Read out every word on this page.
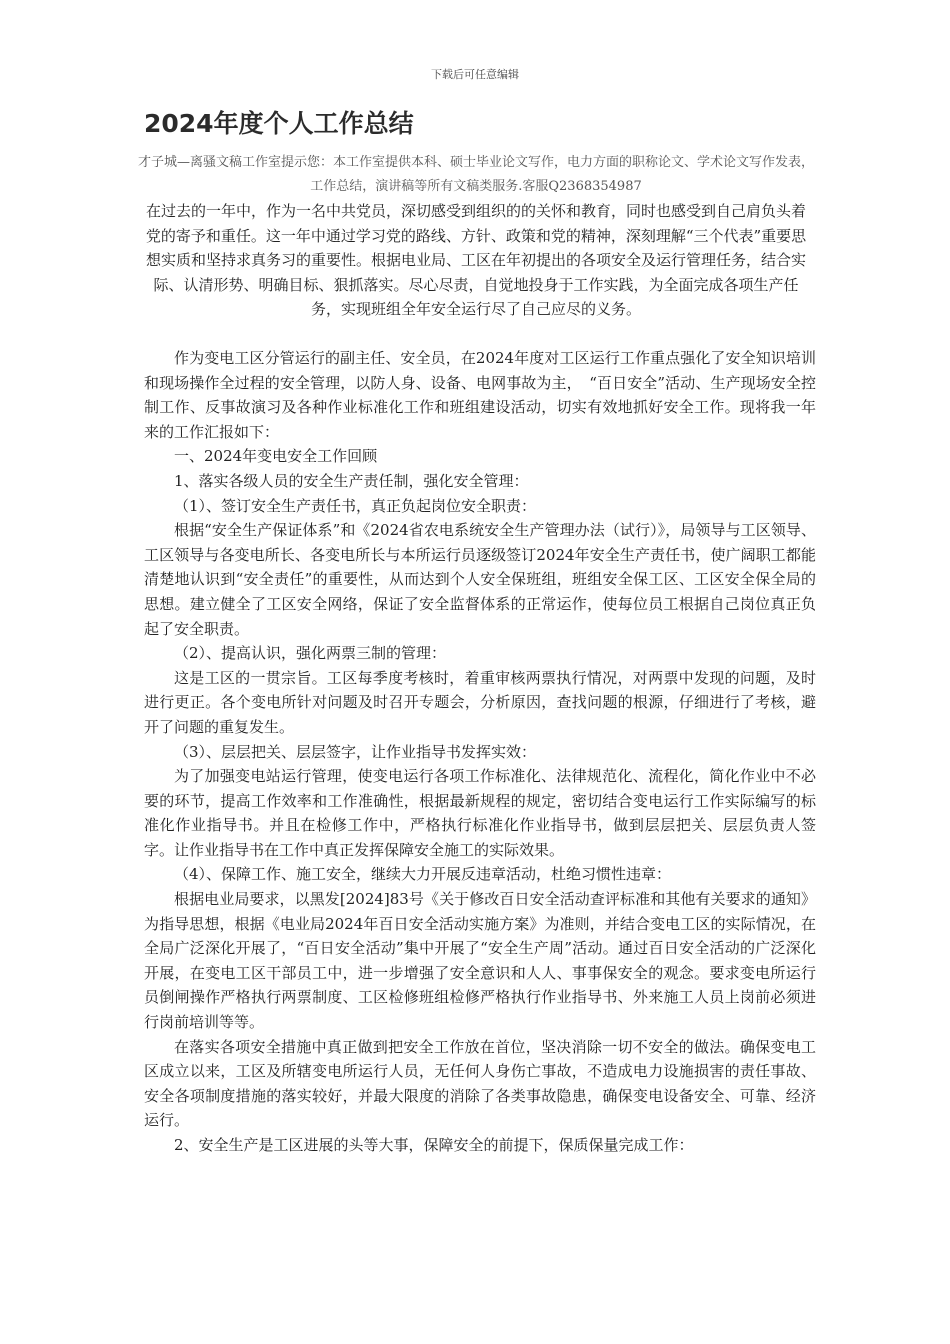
下载后可任意编辑
2024年度个人工作总结
才子城—离骚文稿工作室提示您：本工作室提供本科、硕士毕业论文写作，电力方面的职称论文、学术论文写作发表，工作总结，演讲稿等所有文稿类服务.客服Q2368354987
在过去的一年中，作为一名中共党员，深切感受到组织的的关怀和教育，同时也感受到自己肩负头着党的寄予和重任。这一年中通过学习党的路线、方针、政策和党的精神，深刻理解“三个代表”重要思想实质和坚持求真务习的重要性。根据电业局、工区在年初提出的各项安全及运行管理任务，结合实际、认清形势、明确目标、狠抓落实。尽心尽责，自觉地投身于工作实践，为全面完成各项生产任务，实现班组全年安全运行尽了自己应尽的义务。

作为变电工区分管运行的副主任、安全员，在2024年度对工区运行工作重点强化了安全知识培训和现场操作全过程的安全管理，以防人身、设备、电网事故为主，　“百日安全”活动、生产现场安全控制工作、反事故演习及各种作业标准化工作和班组建设活动，切实有效地抓好安全工作。现将我一年来的工作汇报如下：

一、2024年变电安全工作回顾

1、落实各级人员的安全生产责任制，强化安全管理：

（1）、签订安全生产责任书，真正负起岗位安全职责：

根据“安全生产保证体系”和《2024省农电系统安全生产管理办法（试行）》，局领导与工区领导、工区领导与各变电所长、各变电所长与本所运行员逐级签订2024年安全生产责任书，使广阔职工都能清楚地认识到“安全责任”的重要性，从而达到个人安全保班组，班组安全保工区、工区安全保全局的思想。建立健全了工区安全网络，保证了安全监督体系的正常运作，使每位员工根据自己岗位真正负起了安全职责。

（2）、提高认识，强化两票三制的管理：

这是工区的一贯宗旨。工区每季度考核时，着重审核两票执行情况，对两票中发现的问题，及时进行更正。各个变电所针对问题及时召开专题会，分析原因，查找问题的根源，仔细进行了考核，避开了问题的重复发生。

（3）、层层把关、层层签字，让作业指导书发挥实效：

为了加强变电站运行管理，使变电运行各项工作标准化、法律规范化、流程化，简化作业中不必要的环节，提高工作效率和工作准确性，根据最新规程的规定，密切结合变电运行工作实际编写的标准化作业指导书。并且在检修工作中，严格执行标准化作业指导书，做到层层把关、层层负责人签字。让作业指导书在工作中真正发挥保障安全施工的实际效果。

（4）、保障工作、施工安全，继续大力开展反违章活动，杜绝习惯性违章：

根据电业局要求，以黑发[2024]83号《关于修改百日安全活动查评标准和其他有关要求的通知》为指导思想，根据《电业局2024年百日安全活动实施方案》为准则，并结合变电工区的实际情况，在全局广泛深化开展了，“百日安全活动”集中开展了“安全生产周”活动。通过百日安全活动的广泛深化开展，在变电工区干部员工中，进一步增强了安全意识和人人、事事保安全的观念。要求变电所运行员倒闸操作严格执行两票制度、工区检修班组检修严格执行作业指导书、外来施工人员上岗前必须进行岗前培训等等。

在落实各项安全措施中真正做到把安全工作放在首位，坚决消除一切不安全的做法。确保变电工区成立以来，工区及所辖变电所运行人员，无任何人身伤亡事故，不造成电力设施损害的责任事故、安全各项制度措施的落实较好，并最大限度的消除了各类事故隐患，确保变电设备安全、可靠、经济运行。

2、安全生产是工区进展的头等大事，保障安全的前提下，保质保量完成工作：
